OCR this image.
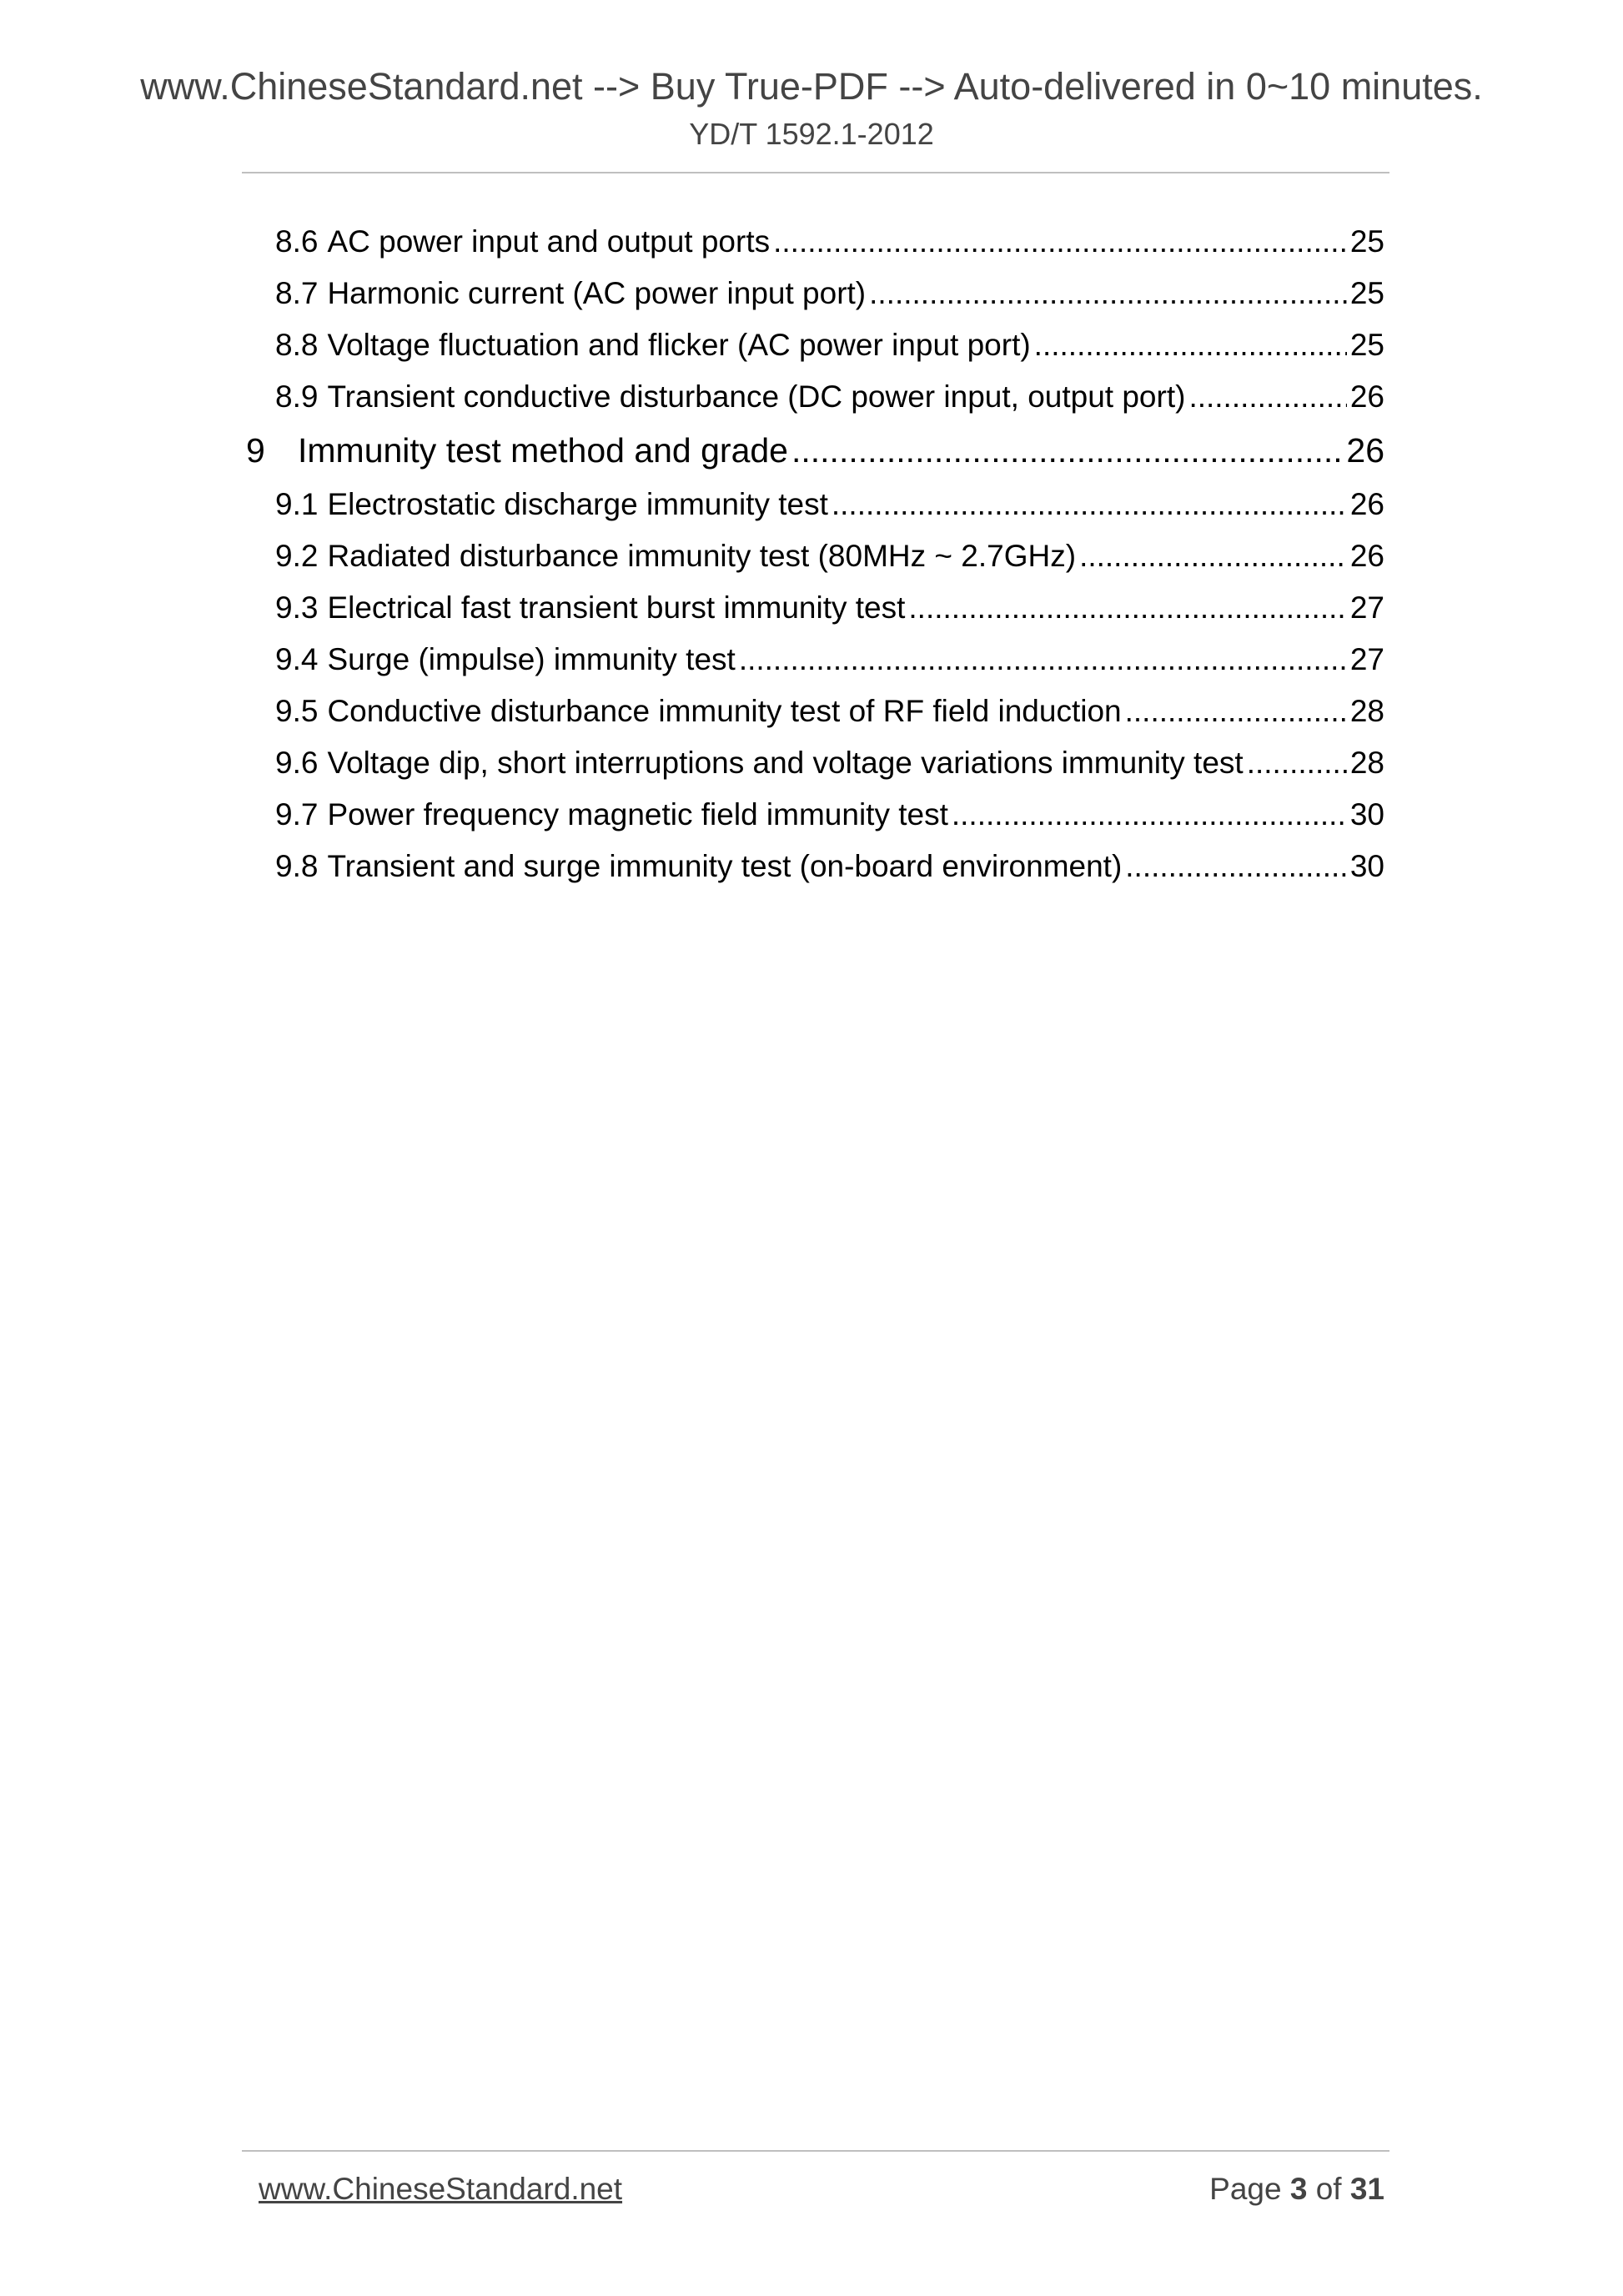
www.ChineseStandard.net --> Buy True-PDF --> Auto-delivered in 0~10 minutes.
YD/T 1592.1-2012
8.6 AC power input and output ports .....	25
8.7 Harmonic current (AC power input port) .....	25
8.8 Voltage fluctuation and flicker (AC power input port) .....	25
8.9 Transient conductive disturbance (DC power input, output port) .....	26
9 Immunity test method and grade .....	26
9.1 Electrostatic discharge immunity test .....	26
9.2 Radiated disturbance immunity test (80MHz ~ 2.7GHz) .....	26
9.3 Electrical fast transient burst immunity test .....	27
9.4 Surge (impulse) immunity test .....	27
9.5 Conductive disturbance immunity test of RF field induction .....	28
9.6 Voltage dip, short interruptions and voltage variations immunity test .....	28
9.7 Power frequency magnetic field immunity test .....	30
9.8 Transient and surge immunity test (on-board environment) .....	30
www.ChineseStandard.net	Page 3 of 31
